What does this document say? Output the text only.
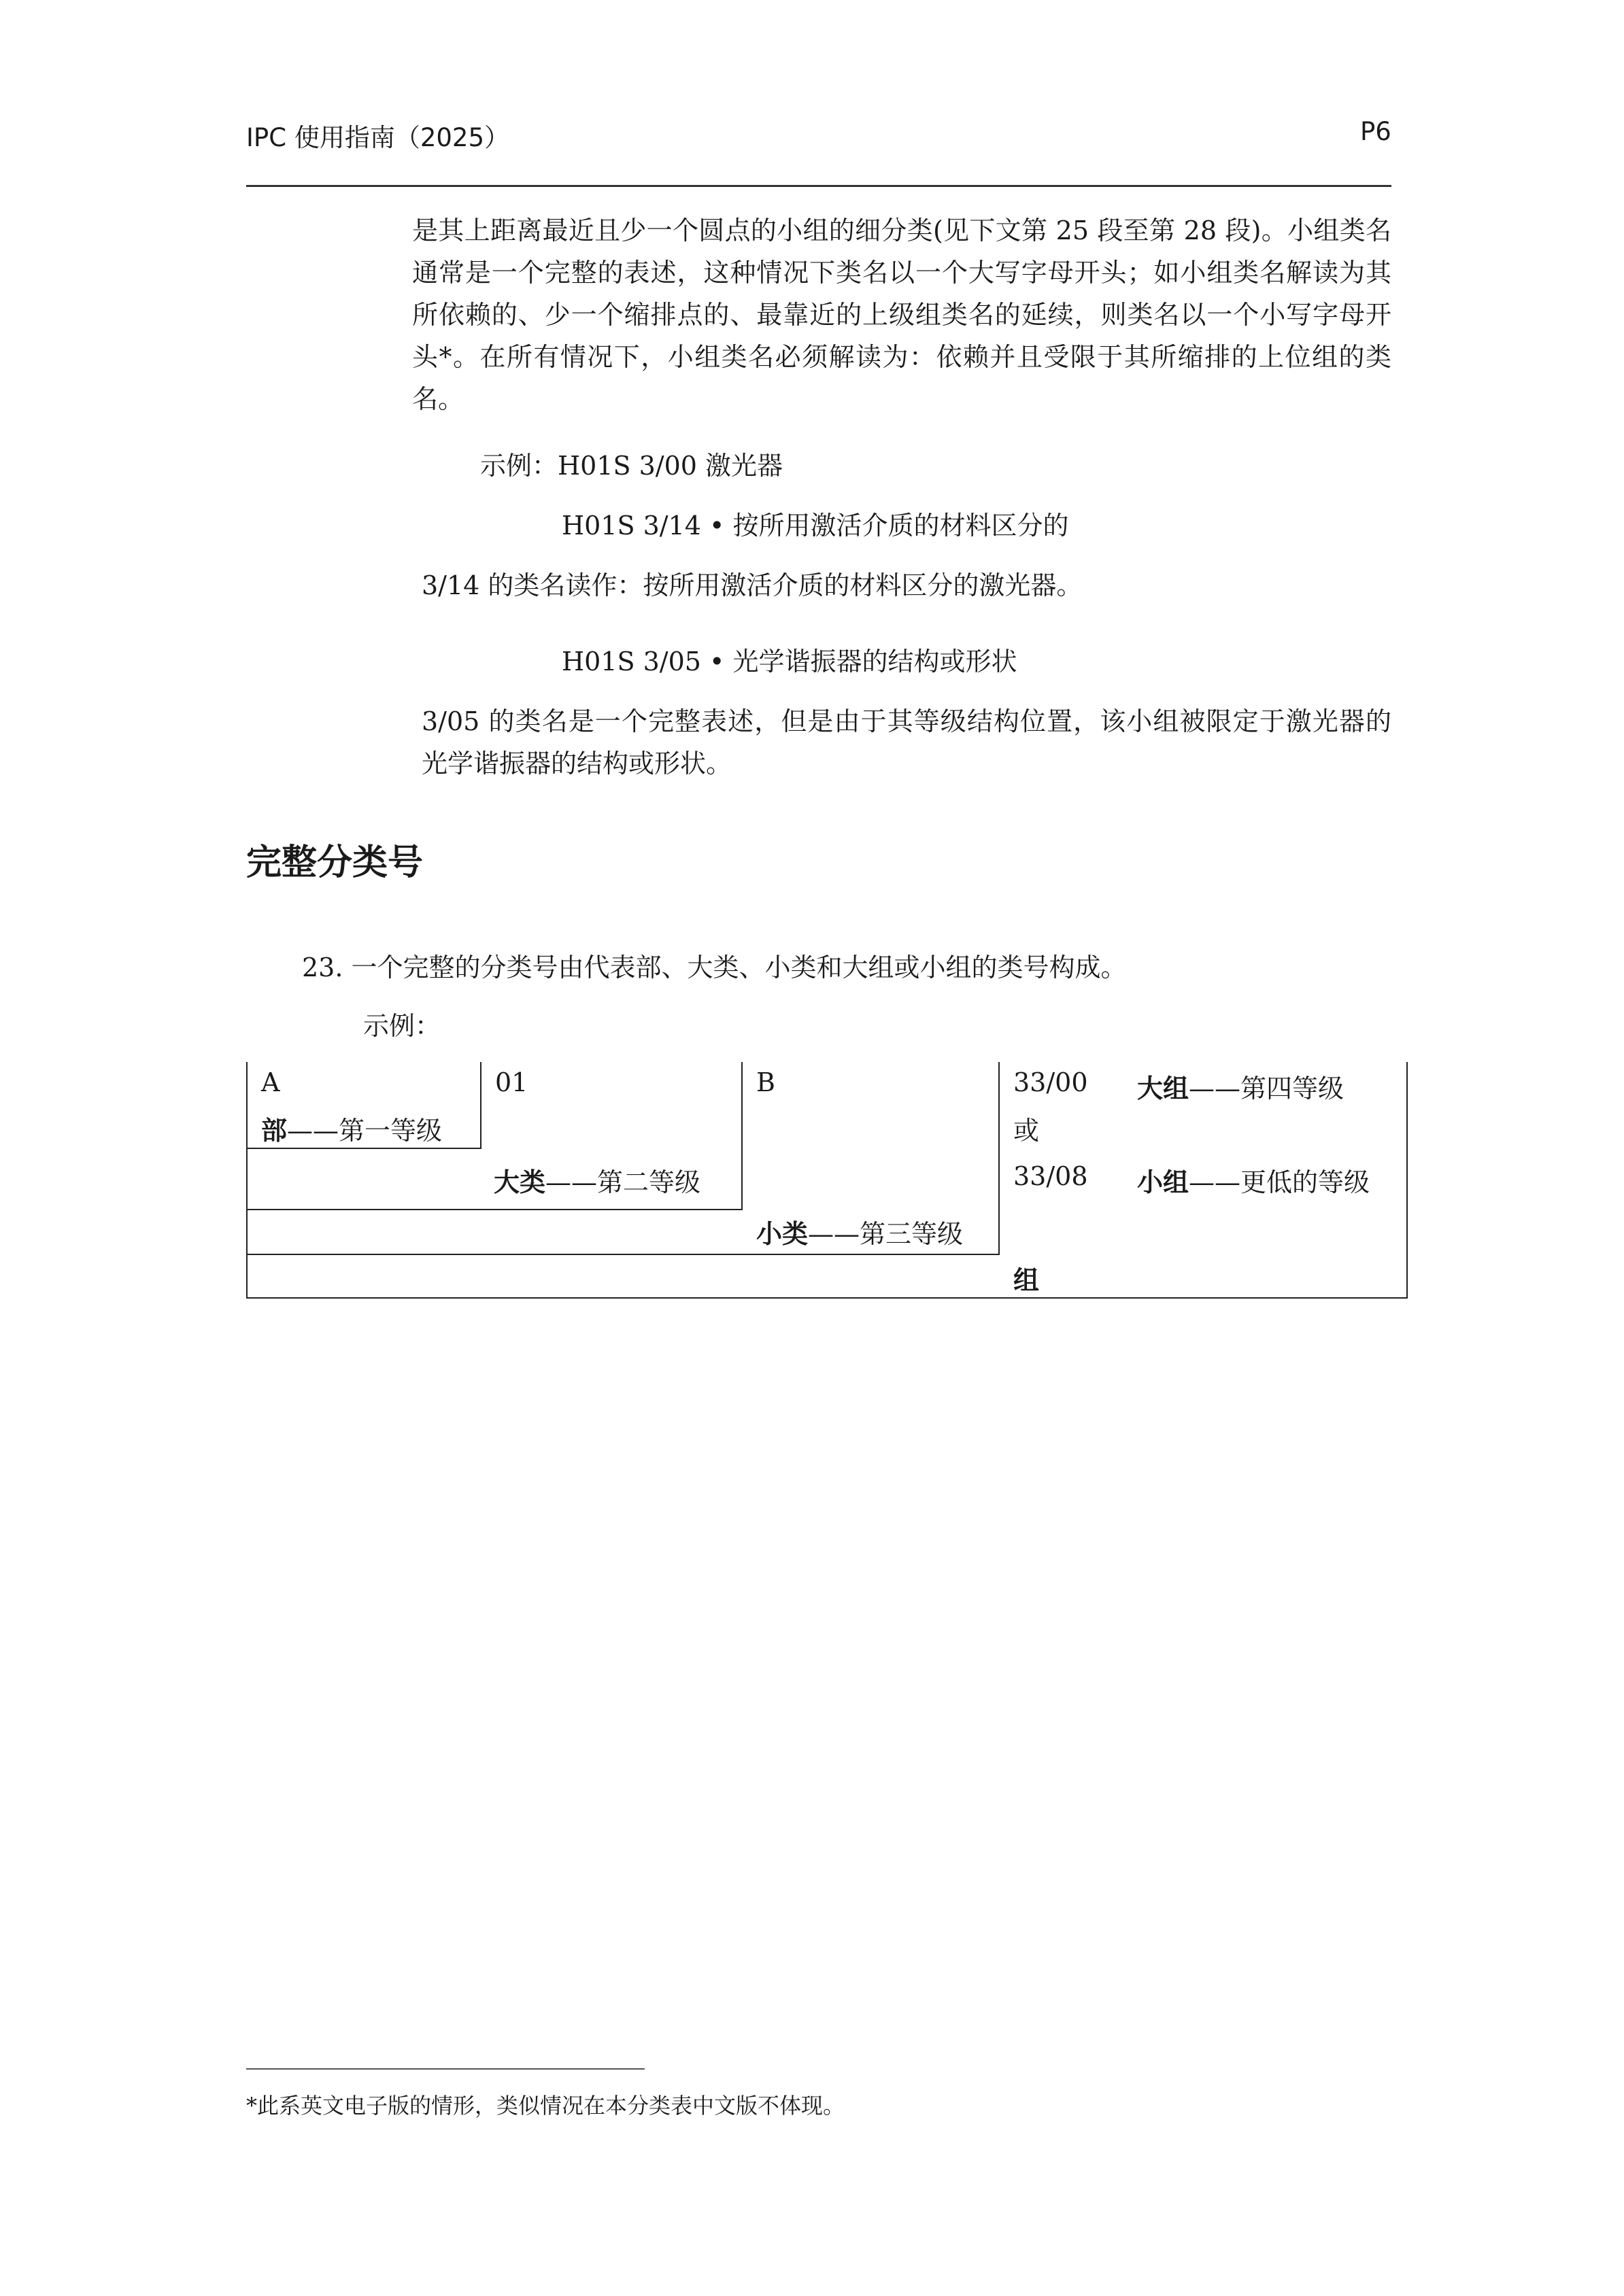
IPC 使用指南（2025）	P6
是其上距离最近且少一个圆点的小组的细分类(见下文第 25 段至第 28 段)。小组类名通常是一个完整的表述，这种情况下类名以一个大写字母开头；如小组类名解读为其所依赖的、少一个缩排点的、最靠近的上级组类名的延续，则类名以一个小写字母开头*。在所有情况下，小组类名必须解读为：依赖并且受限于其所缩排的上位组的类名。
示例：H01S 3/00 激光器
H01S 3/14 • 按所用激活介质的材料区分的
3/14 的类名读作：按所用激活介质的材料区分的激光器。
H01S 3/05 • 光学谐振器的结构或形状
3/05 的类名是一个完整表述，但是由于其等级结构位置，该小组被限定于激光器的光学谐振器的结构或形状。
完整分类号
23. 一个完整的分类号由代表部、大类、小类和大组或小组的类号构成。
示例：
A
部——第一等级
01
大类——第二等级
B
小类——第三等级
33/00
或
33/08
组
大组——第四等级
小组——更低的等级
*此系英文电子版的情形，类似情况在本分类表中文版不体现。
